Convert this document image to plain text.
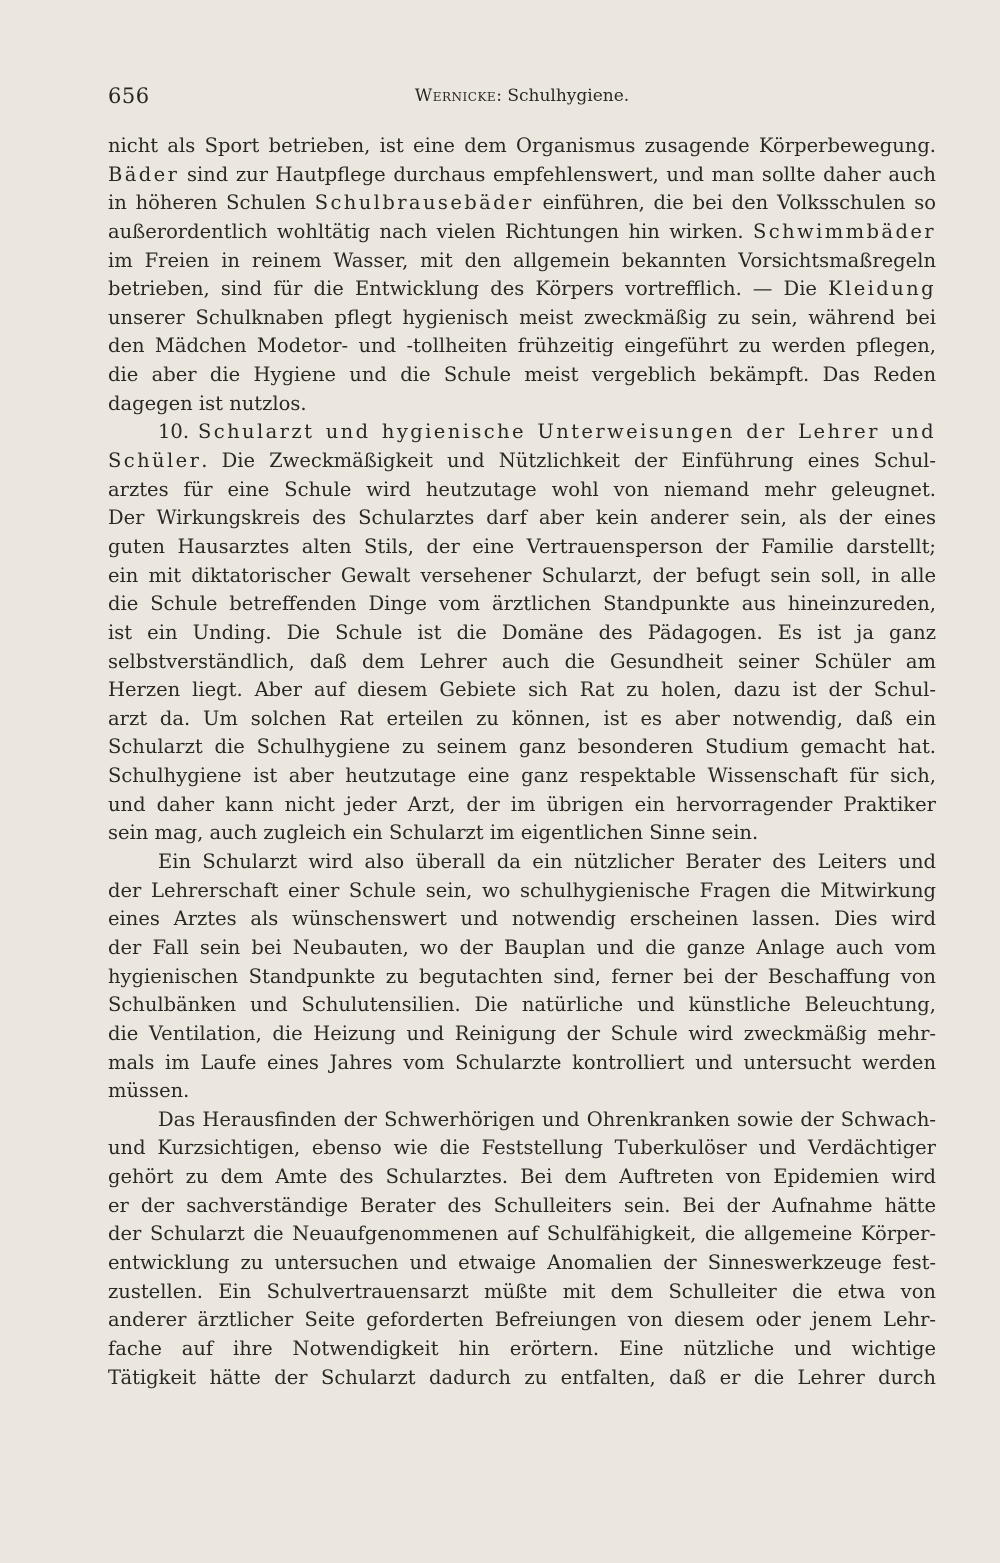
656	Wernicke: Schulhygiene.
nicht als Sport betrieben, ist eine dem Organismus zusagende Körperbewegung.
Bäder sind zur Hautpflege durchaus empfehlenswert, und man sollte daher auch
in höheren Schulen Schulbrausebäder einführen, die bei den Volksschulen so
außerordentlich wohltätig nach vielen Richtungen hin wirken. Schwimmbäder
im Freien in reinem Wasser, mit den allgemein bekannten Vorsichtsmaßregeln
betrieben, sind für die Entwicklung des Körpers vortrefflich. — Die Kleidung
unserer Schulknaben pflegt hygienisch meist zweckmäßig zu sein, während bei
den Mädchen Modetor- und -tollheiten frühzeitig eingeführt zu werden pflegen,
die aber die Hygiene und die Schule meist vergeblich bekämpft. Das Reden
dagegen ist nutzlos.
10. Schularzt und hygienische Unterweisungen der Lehrer und
Schüler. Die Zweckmäßigkeit und Nützlichkeit der Einführung eines Schul-
arztes für eine Schule wird heutzutage wohl von niemand mehr geleugnet.
Der Wirkungskreis des Schularztes darf aber kein anderer sein, als der eines
guten Hausarztes alten Stils, der eine Vertrauensperson der Familie darstellt;
ein mit diktatorischer Gewalt versehener Schularzt, der befugt sein soll, in alle
die Schule betreffenden Dinge vom ärztlichen Standpunkte aus hineinzureden,
ist ein Unding. Die Schule ist die Domäne des Pädagogen. Es ist ja ganz
selbstverständlich, daß dem Lehrer auch die Gesundheit seiner Schüler am
Herzen liegt. Aber auf diesem Gebiete sich Rat zu holen, dazu ist der Schul-
arzt da. Um solchen Rat erteilen zu können, ist es aber notwendig, daß ein
Schularzt die Schulhygiene zu seinem ganz besonderen Studium gemacht hat.
Schulhygiene ist aber heutzutage eine ganz respektable Wissenschaft für sich,
und daher kann nicht jeder Arzt, der im übrigen ein hervorragender Praktiker
sein mag, auch zugleich ein Schularzt im eigentlichen Sinne sein.
Ein Schularzt wird also überall da ein nützlicher Berater des Leiters und
der Lehrerschaft einer Schule sein, wo schulhygienische Fragen die Mitwirkung
eines Arztes als wünschenswert und notwendig erscheinen lassen. Dies wird
der Fall sein bei Neubauten, wo der Bauplan und die ganze Anlage auch vom
hygienischen Standpunkte zu begutachten sind, ferner bei der Beschaffung von
Schulbänken und Schulutensilien. Die natürliche und künstliche Beleuchtung,
die Ventilation, die Heizung und Reinigung der Schule wird zweckmäßig mehr-
mals im Laufe eines Jahres vom Schularzte kontrolliert und untersucht werden
müssen.
Das Herausfinden der Schwerhörigen und Ohrenkranken sowie der Schwach-
und Kurzsichtigen, ebenso wie die Feststellung Tuberkulöser und Verdächtiger
gehört zu dem Amte des Schularztes. Bei dem Auftreten von Epidemien wird
er der sachverständige Berater des Schulleiters sein. Bei der Aufnahme hätte
der Schularzt die Neuaufgenommenen auf Schulfähigkeit, die allgemeine Körper-
entwicklung zu untersuchen und etwaige Anomalien der Sinneswerkzeuge fest-
zustellen. Ein Schulvertrauensarzt müßte mit dem Schulleiter die etwa von
anderer ärztlicher Seite geforderten Befreiungen von diesem oder jenem Lehr-
fache auf ihre Notwendigkeit hin erörtern. Eine nützliche und wichtige
Tätigkeit hätte der Schularzt dadurch zu entfalten, daß er die Lehrer durch
